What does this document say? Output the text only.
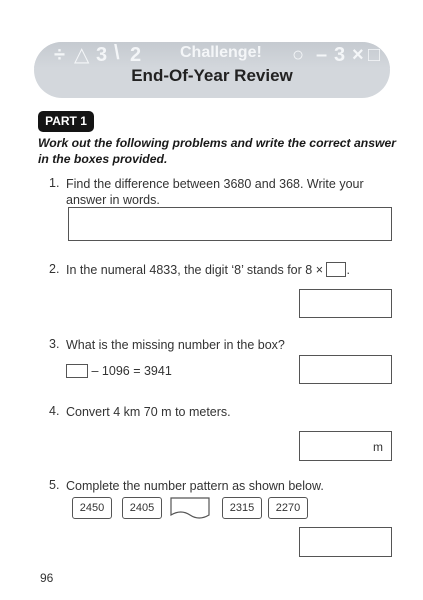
÷ △ 3 \ 2 Challenge! ○ – 3 × □
End-Of-Year Review
PART 1
Work out the following problems and write the correct answer in the boxes provided.
1. Find the difference between 3680 and 368. Write your answer in words.
2. In the numeral 4833, the digit ‘8’ stands for 8 × .
3. What is the missing number in the box?
– 1096 = 3941
4. Convert 4 km 70 m to meters.
m
5. Complete the number pattern as shown below.
2450	2405	2315	2270
96
